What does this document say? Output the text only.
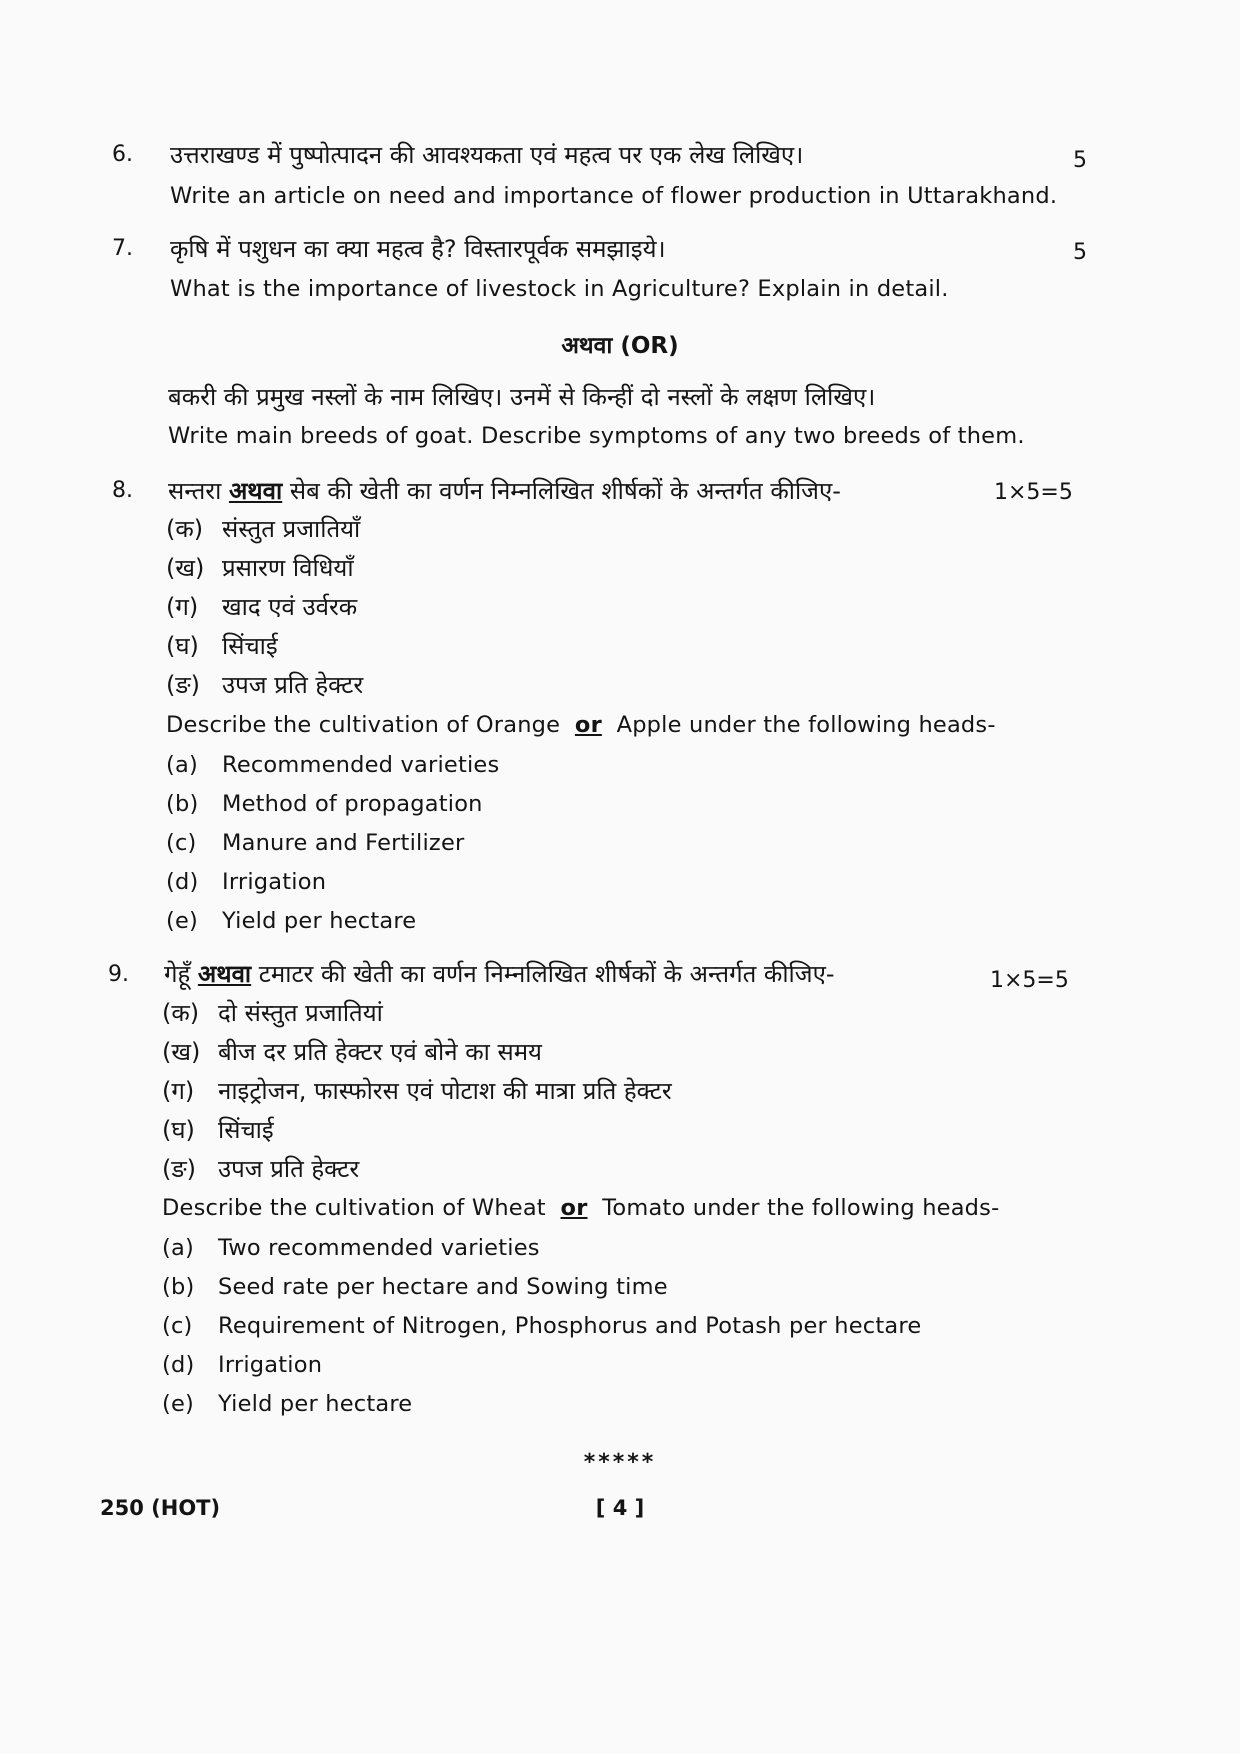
6. उत्तराखण्ड में पुष्पोत्पादन की आवश्यकता एवं महत्व पर एक लेख लिखिए।	5
Write an article on need and importance of flower production in Uttarakhand.
7. कृषि में पशुधन का क्या महत्व है? विस्तारपूर्वक समझाइये।	5
What is the importance of livestock in Agriculture? Explain in detail.
अथवा (OR)
बकरी की प्रमुख नस्लों के नाम लिखिए। उनमें से किन्हीं दो नस्लों के लक्षण लिखिए।
Write main breeds of goat. Describe symptoms of any two breeds of them.
8. सन्तरा अथवा सेब की खेती का वर्णन निम्नलिखित शीर्षकों के अन्तर्गत कीजिए-	1×5=5
(क) संस्तुत प्रजातियाँ
(ख) प्रसारण विधियाँ
(ग) खाद एवं उर्वरक
(घ) सिंचाई
(ङ) उपज प्रति हेक्टर
Describe the cultivation of Orange or Apple under the following heads-
(a) Recommended varieties
(b) Method of propagation
(c) Manure and Fertilizer
(d) Irrigation
(e) Yield per hectare
9. गेहूँ अथवा टमाटर की खेती का वर्णन निम्नलिखित शीर्षकों के अन्तर्गत कीजिए-	1×5=5
(क) दो संस्तुत प्रजातियां
(ख) बीज दर प्रति हेक्टर एवं बोने का समय
(ग) नाइट्रोजन, फास्फोरस एवं पोटाश की मात्रा प्रति हेक्टर
(घ) सिंचाई
(ङ) उपज प्रति हेक्टर
Describe the cultivation of Wheat or Tomato under the following heads-
(a) Two recommended varieties
(b) Seed rate per hectare and Sowing time
(c) Requirement of Nitrogen, Phosphorus and Potash per hectare
(d) Irrigation
(e) Yield per hectare
*****
250 (HOT)	[ 4 ]
